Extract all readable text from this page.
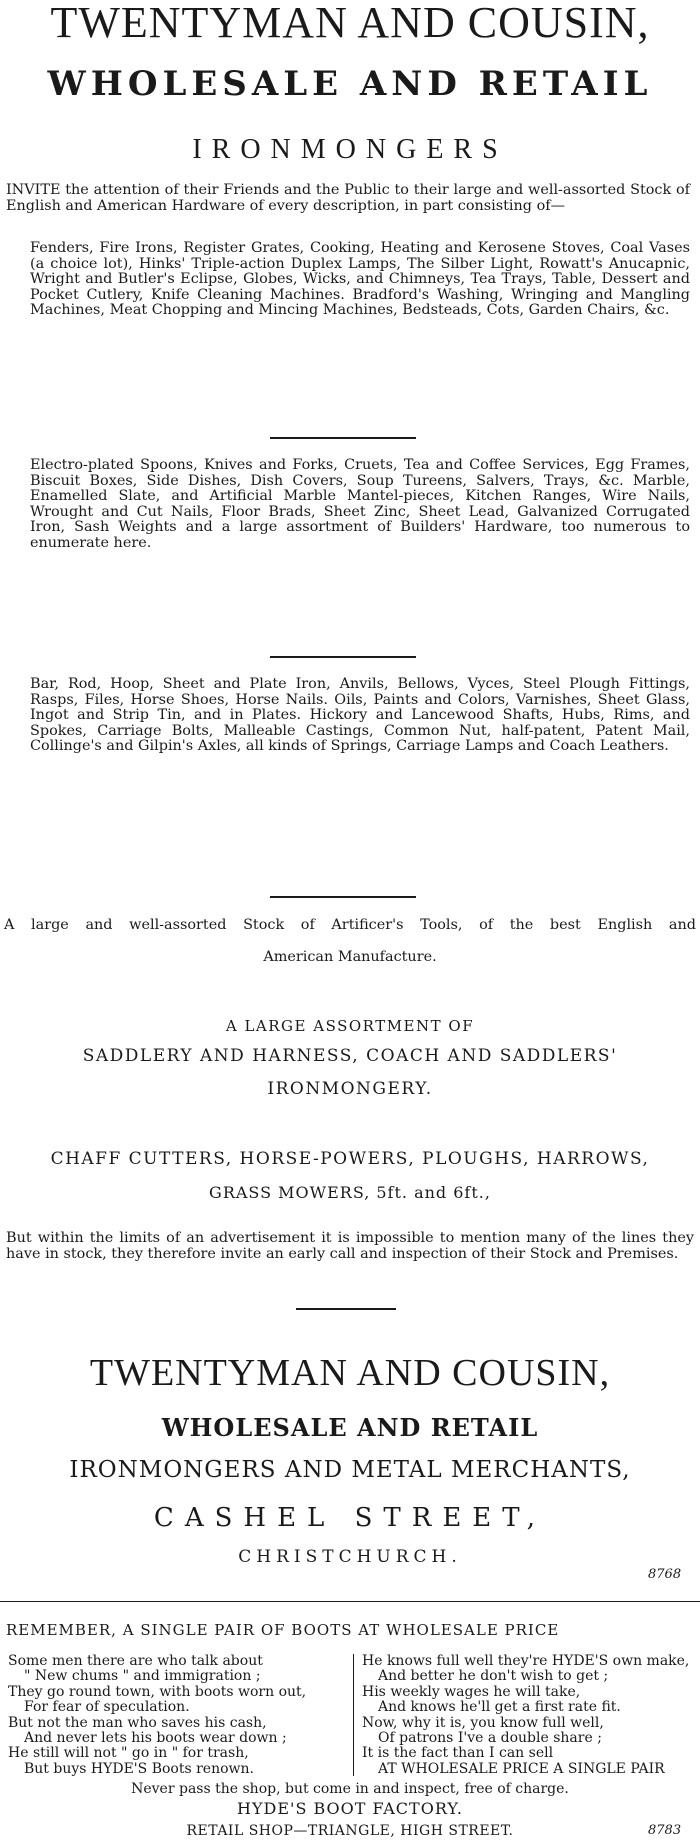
TWENTYMAN AND COUSIN,
WHOLESALE AND RETAIL
IRONMONGERS

INVITE the attention of their Friends and the Public to their large and well-assorted Stock of English and American Hardware of every description, in part consisting of—

Fenders, Fire Irons, Register Grates, Cooking, Heating and Kerosene Stoves, Coal Vases (a choice lot), Hinks' Triple-action Duplex Lamps, The Silber Light, Rowatt's Anucapnic, Wright and Butler's Eclipse, Globes, Wicks, and Chimneys, Tea Trays, Table, Dessert and Pocket Cutlery, Knife Cleaning Machines. Bradford's Washing, Wringing and Mangling Machines, Meat Chopping and Mincing Machines, Bedsteads, Cots, Garden Chairs, &c.

Electro-plated Spoons, Knives and Forks, Cruets, Tea and Coffee Services, Egg Frames, Biscuit Boxes, Side Dishes, Dish Covers, Soup Tureens, Salvers, Trays, &c. Marble, Enamelled Slate, and Artificial Marble Mantel-pieces, Kitchen Ranges, Wire Nails, Wrought and Cut Nails, Floor Brads, Sheet Zinc, Sheet Lead, Galvanized Corrugated Iron, Sash Weights and a large assortment of Builders' Hardware, too numerous to enumerate here.

Bar, Rod, Hoop, Sheet and Plate Iron, Anvils, Bellows, Vyces, Steel Plough Fittings, Rasps, Files, Horse Shoes, Horse Nails. Oils, Paints and Colors, Varnishes, Sheet Glass, Ingot and Strip Tin, and in Plates. Hickory and Lancewood Shafts, Hubs, Rims, and Spokes, Carriage Bolts, Malleable Castings, Common Nut, half-patent, Patent Mail, Collinge's and Gilpin's Axles, all kinds of Springs, Carriage Lamps and Coach Leathers.

A large and well-assorted Stock of Artificer's Tools, of the best English and
American Manufacture.
A LARGE ASSORTMENT OF
SADDLERY AND HARNESS, COACH AND SADDLERS'
IRONMONGERY.
CHAFF CUTTERS, HORSE-POWERS, PLOUGHS, HARROWS,
GRASS MOWERS, 5ft. and 6ft.,

But within the limits of an advertisement it is impossible to mention many of the lines they have in stock, they therefore invite an early call and inspection of their Stock and Premises.

TWENTYMAN AND COUSIN,
WHOLESALE AND RETAIL
IRONMONGERS AND METAL MERCHANTS,
CASHEL STREET,
CHRISTCHURCH.
8768
REMEMBER, A SINGLE PAIR OF BOOTS AT WHOLESALE PRICE
Some men there are who talk about
" New chums " and immigration ;
They go round town, with boots worn out,
For fear of speculation.
But not the man who saves his cash,
And never lets his boots wear down ;
He still will not " go in " for trash,
But buys HYDE'S Boots renown.
He knows full well they're HYDE'S own make,
And better he don't wish to get ;
His weekly wages he will take,
And knows he'll get a first rate fit.
Now, why it is, you know full well,
Of patrons I've a double share ;
It is the fact than I can sell
AT WHOLESALE PRICE A SINGLE PAIR
Never pass the shop, but come in and inspect, free of charge.
HYDE'S BOOT FACTORY.
RETAIL SHOP—TRIANGLE, HIGH STREET.	8783
